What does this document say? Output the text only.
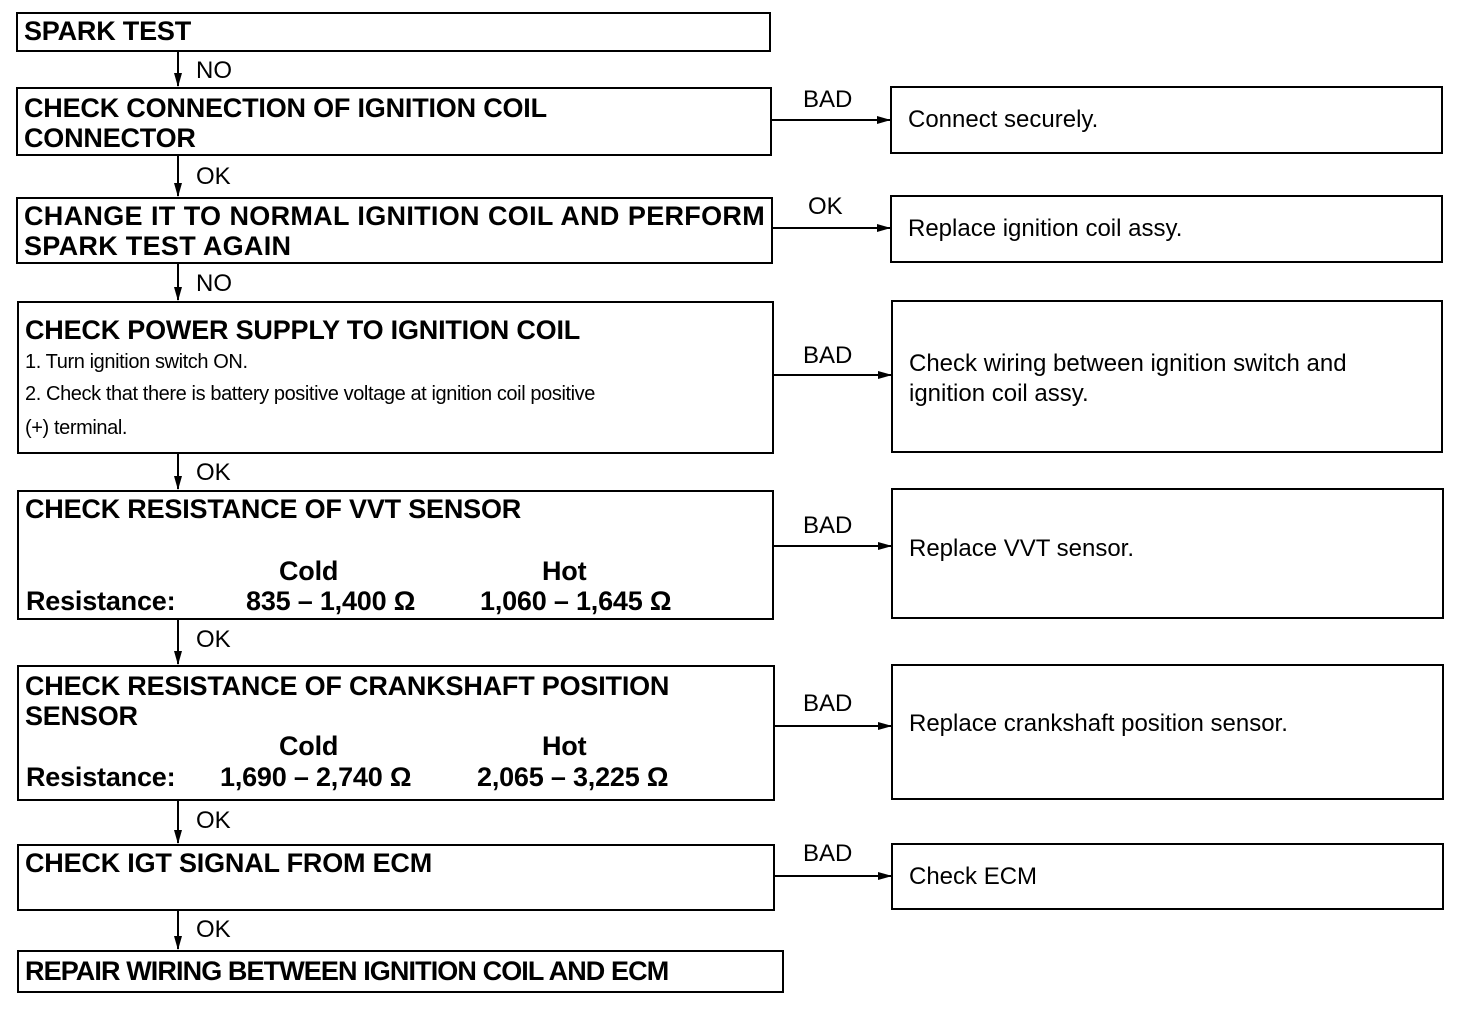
SPARK TEST
CHECK CONNECTION OF IGNITION COIL CONNECTOR
CHANGE IT TO NORMAL IGNITION COIL AND PERFORM SPARK TEST AGAIN
CHECK POWER SUPPLY TO IGNITION COIL
1. Turn ignition switch ON.
2. Check that there is battery positive voltage at ignition coil positive
(+) terminal.
CHECK RESISTANCE OF VVT SENSOR
Cold	Hot
Resistance:	835 – 1,400 Ω 1,060 – 1,645 Ω
CHECK RESISTANCE OF CRANKSHAFT POSITION SENSOR
Cold	Hot
Resistance: 1,690 – 2,740 Ω 2,065 – 3,225 Ω
CHECK IGT SIGNAL FROM ECM
REPAIR WIRING BETWEEN IGNITION COIL AND ECM
NO
OK
NO
OK
OK
OK
OK
BAD
OK
BAD
BAD
BAD
BAD
Connect securely.
Replace ignition coil assy.
Check wiring between ignition switch and ignition coil assy.
Replace VVT sensor.
Replace crankshaft position sensor.
Check ECM
